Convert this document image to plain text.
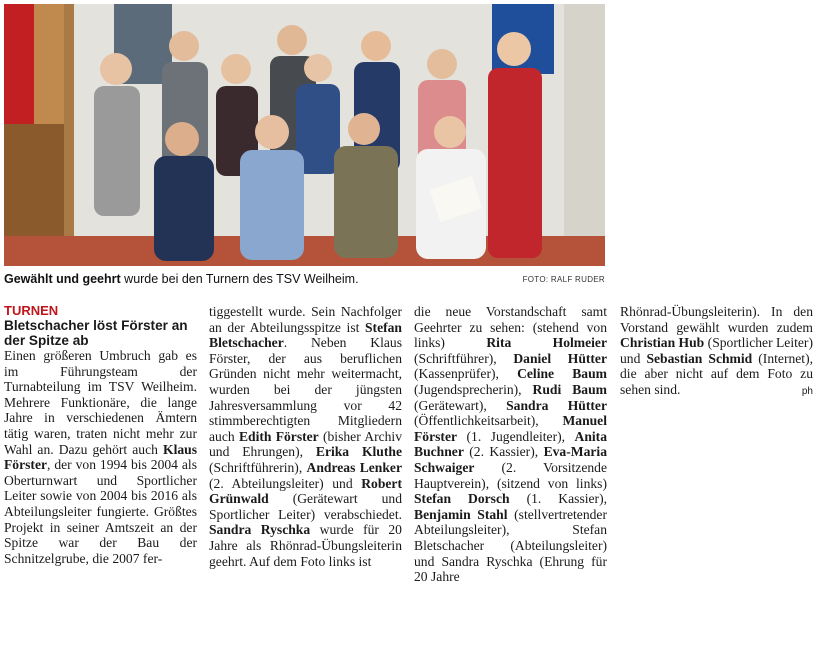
Gewählt und geehrt wurde bei den Turnern des TSV Weilheim.	FOTO: RALF RUDER
TURNEN
Bletschacher löst Förster an der Spitze ab
Einen größeren Umbruch gab es im Führungsteam der Turnabteilung im TSV Weilheim. Mehrere Funktionäre, die lange Jahre in verschiedenen Ämtern tätig waren, traten nicht mehr zur Wahl an. Dazu gehört auch Klaus Förster, der von 1994 bis 2004 als Oberturnwart und Sportlicher Leiter sowie von 2004 bis 2016 als Abteilungsleiter fungierte. Größtes Projekt in seiner Amtszeit an der Spitze war der Bau der Schnitzelgrube, die 2007 fer-
tiggestellt wurde. Sein Nachfolger an der Abteilungsspitze ist Stefan Bletschacher. Neben Klaus Förster, der aus beruflichen Gründen nicht mehr weitermacht, wurden bei der jüngsten Jahresversammlung vor 42 stimmberechtigten Mitgliedern auch Edith Förster (bisher Archiv und Ehrungen), Erika Kluthe (Schriftführerin), Andreas Lenker (2. Abteilungsleiter) und Robert Grünwald (Gerätewart und Sportlicher Leiter) verabschiedet. Sandra Ryschka wurde für 20 Jahre als Rhönrad-Übungsleiterin geehrt. Auf dem Foto links ist
die neue Vorstandschaft samt Geehrter zu sehen: (stehend von links) Rita Holmeier (Schriftführer), Daniel Hütter (Kassenprüfer), Celine Baum (Jugendsprecherin), Rudi Baum (Gerätewart), Sandra Hütter (Öffentlichkeitsarbeit), Manuel Förster (1. Jugendleiter), Anita Buchner (2. Kassier), Eva-Maria Schwaiger (2. Vorsitzende Hauptverein), (sitzend von links) Stefan Dorsch (1. Kassier), Benjamin Stahl (stellvertretender Abteilungsleiter), Stefan Bletschacher (Abteilungsleiter) und Sandra Ryschka (Ehrung für 20 Jahre
Rhönrad-Übungsleiterin). In den Vorstand gewählt wurden zudem Christian Hub (Sportlicher Leiter) und Sebastian Schmid (Internet), die aber nicht auf dem Foto zu sehen sind.	ph
